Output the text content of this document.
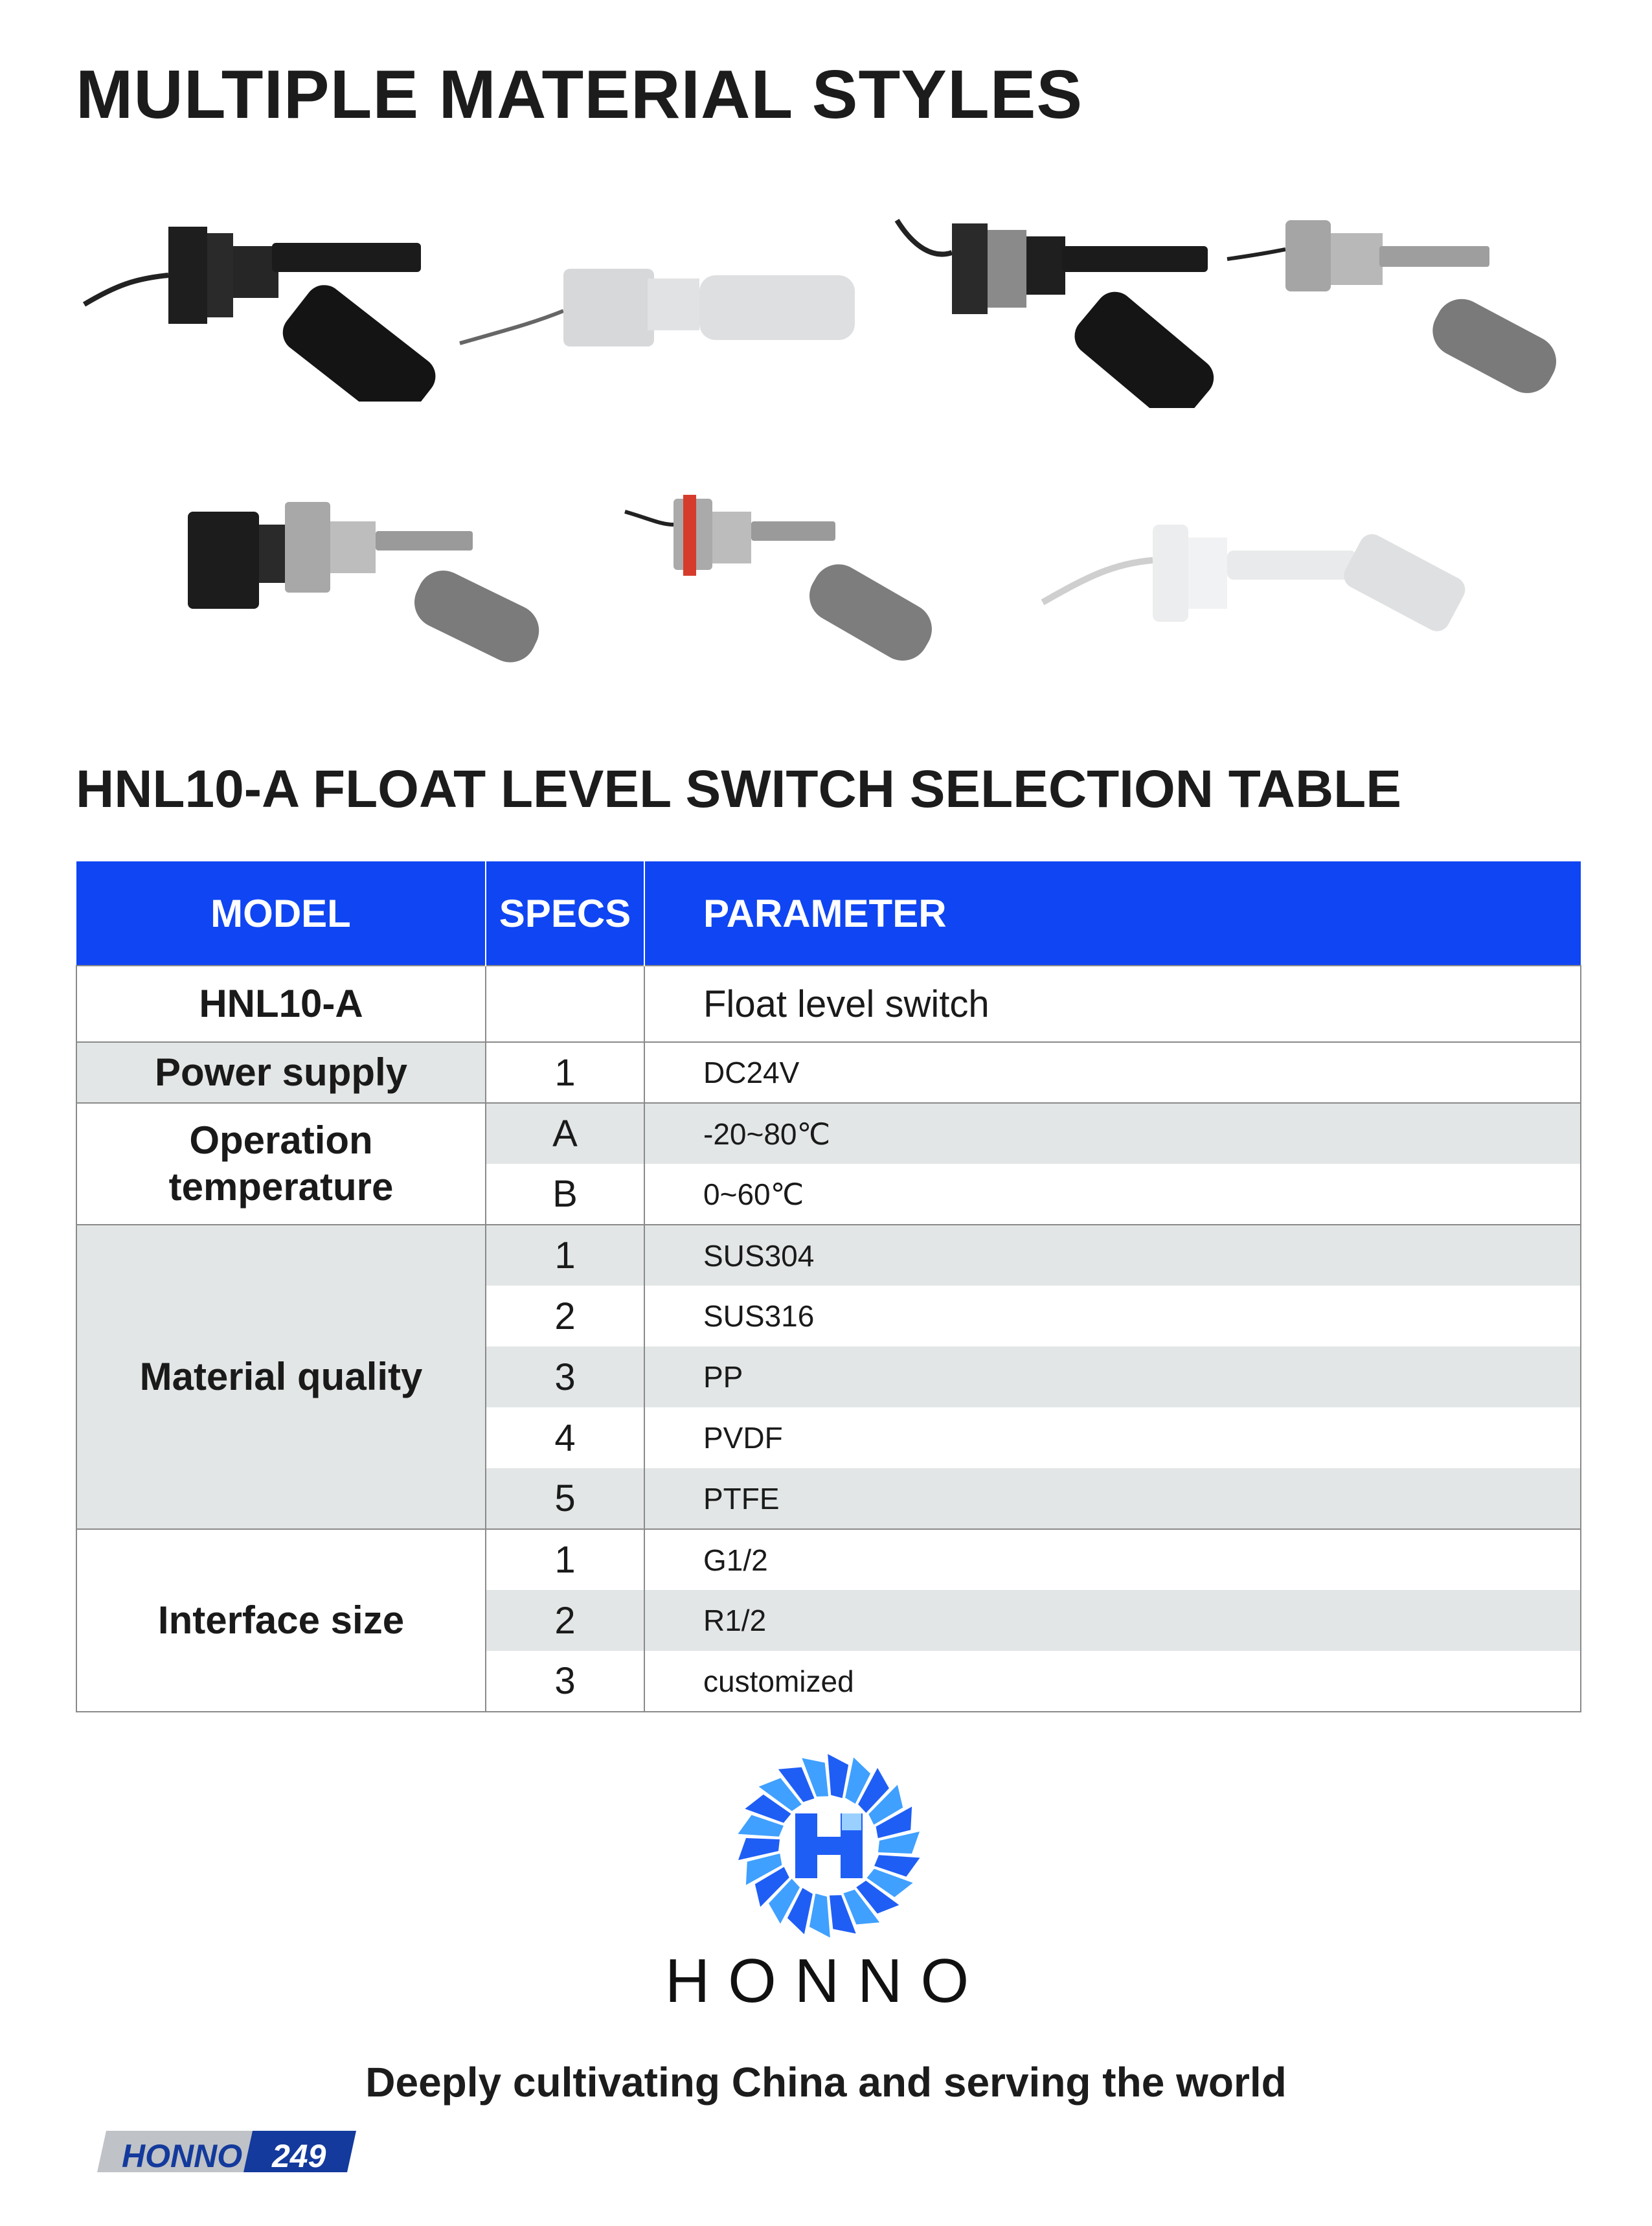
MULTIPLE MATERIAL STYLES
HNL10-A FLOAT LEVEL SWITCH SELECTION TABLE
MODEL	SPECS	PARAMETER
HNL10-A		Float level switch
Power supply	1	DC24V
Operation
temperature	A	-20~80℃
	B	0~60℃
Material quality	1	SUS304
	2	SUS316
	3	PP
	4	PVDF
	5	PTFE
Interface size	1	G1/2
	2	R1/2
	3	customized
HONNO
Deeply cultivating China and serving the world
HONNO 249
